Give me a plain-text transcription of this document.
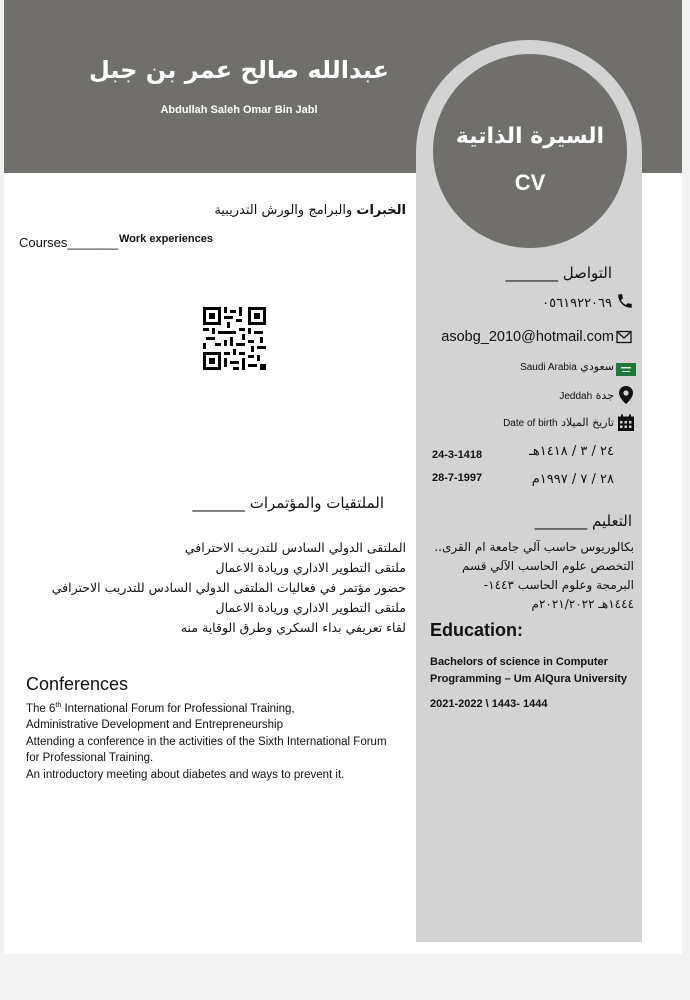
عبدالله صالح عمر بن جبل
Abdullah Saleh Omar Bin Jabl
السيرة الذاتية
CV
الخبرات والبرامج والورش التدريبية
Courses_______ Work experiences
الملتقيات والمؤتمرات _______
الملتقى الدولي السادس للتدريب الاحترافي
ملتقى التطوير الاداري وريادة الاعمال
حضور مؤتمر في فعاليات الملتقى الدولي السادس للتدريب الاحترافي
ملتقى التطوير الاداري وريادة الاعمال
لقاء تعريفي بداء السكري وطرق الوقاية منه
Conferences
The 6th International Forum for Professional Training,
Administrative Development and Entrepreneurship
Attending a conference in the activities of the Sixth International Forum
for Professional Training.
An introductory meeting about diabetes and ways to prevent it.
التواصل _______
٠٥٦١٩٢٢٠٦٩
asobg_2010@hotmail.com
Saudi Arabia سعودي
Jeddah جدة
Date of birth تاريخ الميلاد
٢٤ / ٣ / ١٤١٨هـ
24-3-1418
٢٨ / ٧ / ١٩٩٧م
28-7-1997
التعليم _______
بكالوريوس حاسب آلي جامعة ام القرى..
التخصص علوم الحاسب الآلي قسم
البرمجة وعلوم الحاسب ١٤٤٣-
١٤٤٤هـ ٢٠٢١/٢٠٢٢م
Education:
Bachelors of science in Computer
Programming – Um AlQura University
2021-2022 \ 1443- 1444
